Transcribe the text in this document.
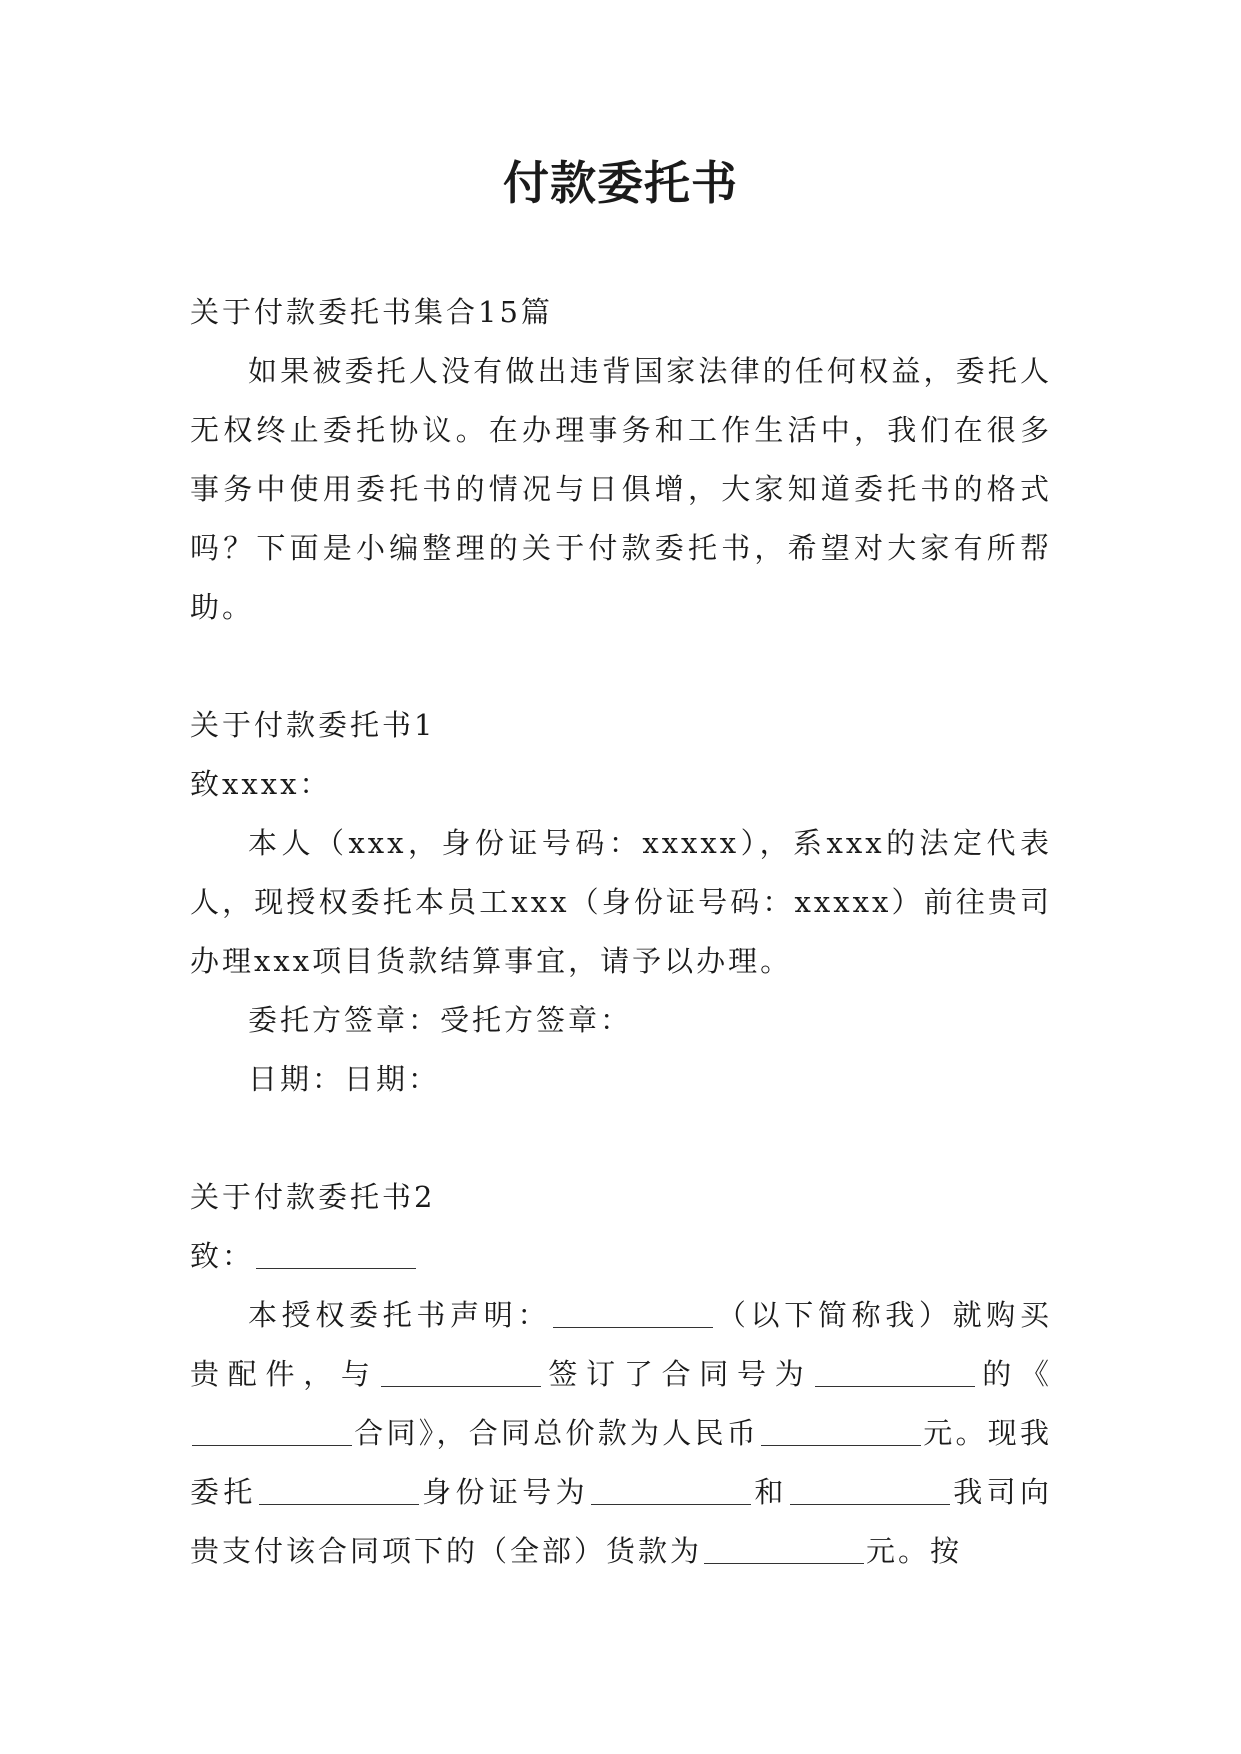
付款委托书

关于付款委托书集合15篇

如果被委托人没有做出违背国家法律的任何权益，委托人无权终止委托协议。在办理事务和工作生活中，我们在很多事务中使用委托书的情况与日俱增，大家知道委托书的格式吗？下面是小编整理的关于付款委托书，希望对大家有所帮助。

关于付款委托书1

致xxxx：

本人（xxx，身份证号码：xxxxx），系xxx的法定代表人，现授权委托本员工xxx（身份证号码：xxxxx）前往贵司办理xxx项目货款结算事宜，请予以办理。

委托方签章：受托方签章：

日期：日期：

关于付款委托书2

致：

本授权委托书声明：	（以下简称我）就购买贵配件，与	签订了合同号为	的《合同》，合同总价款为人民币	元。现我委托	身份证号为	和	我司向贵支付该合同项下的（全部）货款为	元。按
